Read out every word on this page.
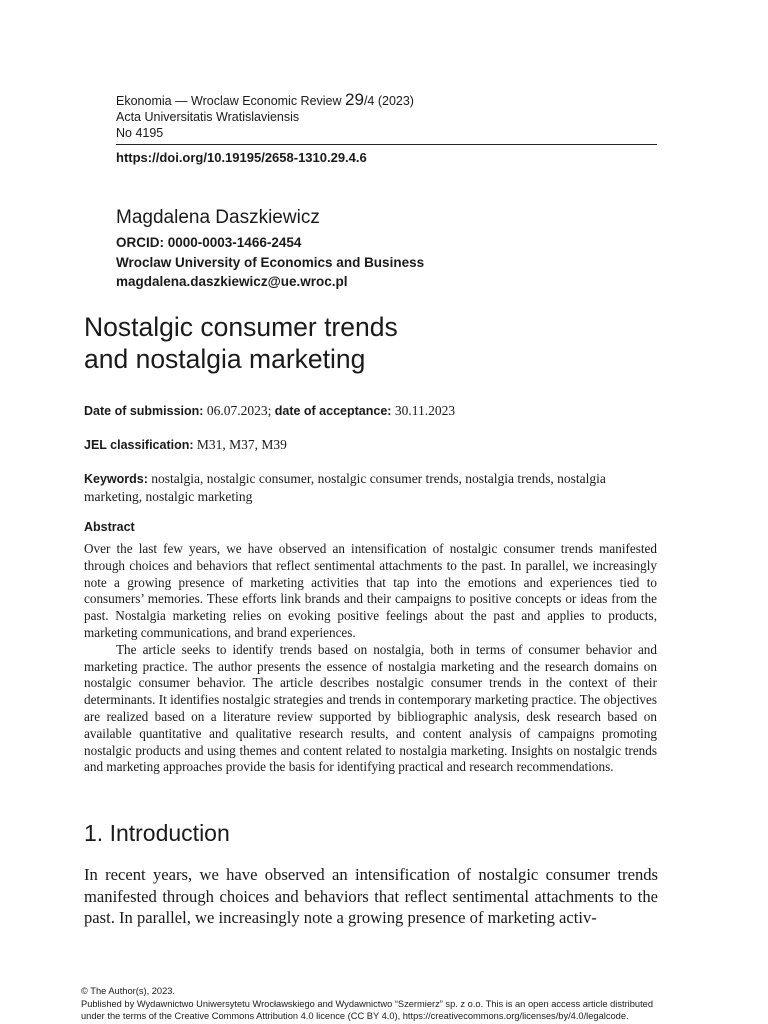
Ekonomia — Wroclaw Economic Review 29/4 (2023)
Acta Universitatis Wratislaviensis
No 4195
https://doi.org/10.19195/2658-1310.29.4.6
Magdalena Daszkiewicz
ORCID: 0000-0003-1466-2454
Wroclaw University of Economics and Business
magdalena.daszkiewicz@ue.wroc.pl
Nostalgic consumer trends
and nostalgia marketing
Date of submission: 06.07.2023; date of acceptance: 30.11.2023
JEL classification: M31, M37, M39
Keywords: nostalgia, nostalgic consumer, nostalgic consumer trends, nostalgia trends, nostalgia marketing, nostalgic marketing
Abstract

Over the last few years, we have observed an intensification of nostalgic consumer trends manifested through choices and behaviors that reflect sentimental attachments to the past. In parallel, we increasingly note a growing presence of marketing activities that tap into the emotions and experiences tied to consumers’ memories. These efforts link brands and their campaigns to positive concepts or ideas from the past. Nostalgia marketing relies on evoking positive feelings about the past and applies to products, marketing communications, and brand experiences.

The article seeks to identify trends based on nostalgia, both in terms of consumer behavior and marketing practice. The author presents the essence of nostalgia marketing and the research domains on nostalgic consumer behavior. The article describes nostalgic consumer trends in the context of their determinants. It identifies nostalgic strategies and trends in contemporary marketing practice. The objectives are realized based on a literature review supported by bibliographic analysis, desk research based on available quantitative and qualitative research results, and content analysis of campaigns promoting nostalgic products and using themes and content related to nostalgia marketing. Insights on nostalgic trends and marketing approaches provide the basis for identifying practical and research recommendations.

1. Introduction

In recent years, we have observed an intensification of nostalgic consumer trends manifested through choices and behaviors that reflect sentimental attachments to the past. In parallel, we increasingly note a growing presence of marketing activ-

© The Author(s), 2023.
Published by Wydawnictwo Uniwersytetu Wrocławskiego and Wydawnictwo “Szermierz” sp. z o.o. This is an open access article distributed
under the terms of the Creative Commons Attribution 4.0 licence (CC BY 4.0), https://creativecommons.org/licenses/by/4.0/legalcode.
